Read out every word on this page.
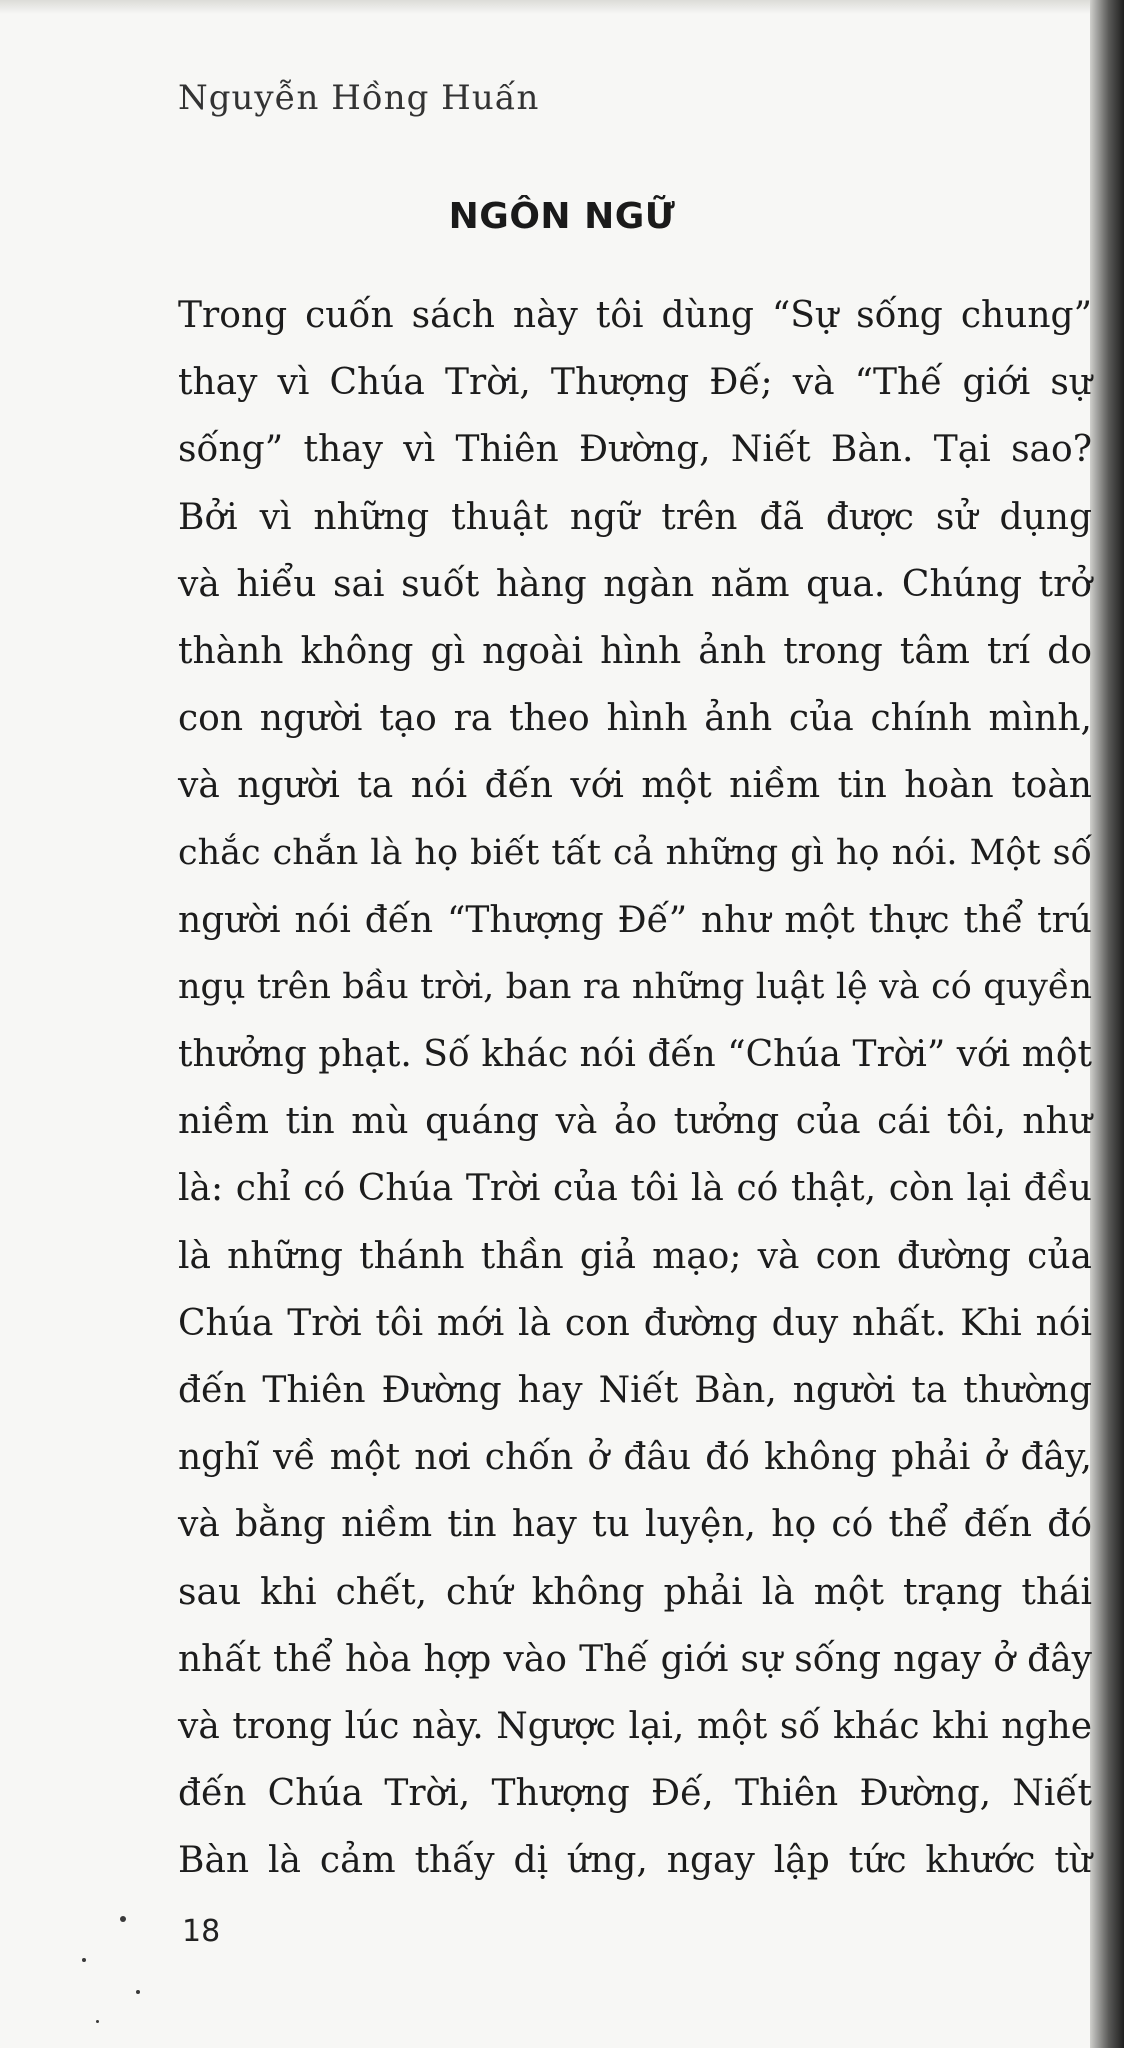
Nguyễn Hồng Huấn
NGÔN NGỮ
Trong cuốn sách này tôi dùng “Sự sống chung”
thay vì Chúa Trời, Thượng Đế; và “Thế giới sự
sống” thay vì Thiên Đường, Niết Bàn. Tại sao?
Bởi vì những thuật ngữ trên đã được sử dụng
và hiểu sai suốt hàng ngàn năm qua. Chúng trở
thành không gì ngoài hình ảnh trong tâm trí do
con người tạo ra theo hình ảnh của chính mình,
và người ta nói đến với một niềm tin hoàn toàn
chắc chắn là họ biết tất cả những gì họ nói. Một số
người nói đến “Thượng Đế” như một thực thể trú
ngụ trên bầu trời, ban ra những luật lệ và có quyền
thưởng phạt. Số khác nói đến “Chúa Trời” với một
niềm tin mù quáng và ảo tưởng của cái tôi, như
là: chỉ có Chúa Trời của tôi là có thật, còn lại đều
là những thánh thần giả mạo; và con đường của
Chúa Trời tôi mới là con đường duy nhất. Khi nói
đến Thiên Đường hay Niết Bàn, người ta thường
nghĩ về một nơi chốn ở đâu đó không phải ở đây,
và bằng niềm tin hay tu luyện, họ có thể đến đó
sau khi chết, chứ không phải là một trạng thái
nhất thể hòa hợp vào Thế giới sự sống ngay ở đây
và trong lúc này. Ngược lại, một số khác khi nghe
đến Chúa Trời, Thượng Đế, Thiên Đường, Niết
Bàn là cảm thấy dị ứng, ngay lập tức khước từ
18
